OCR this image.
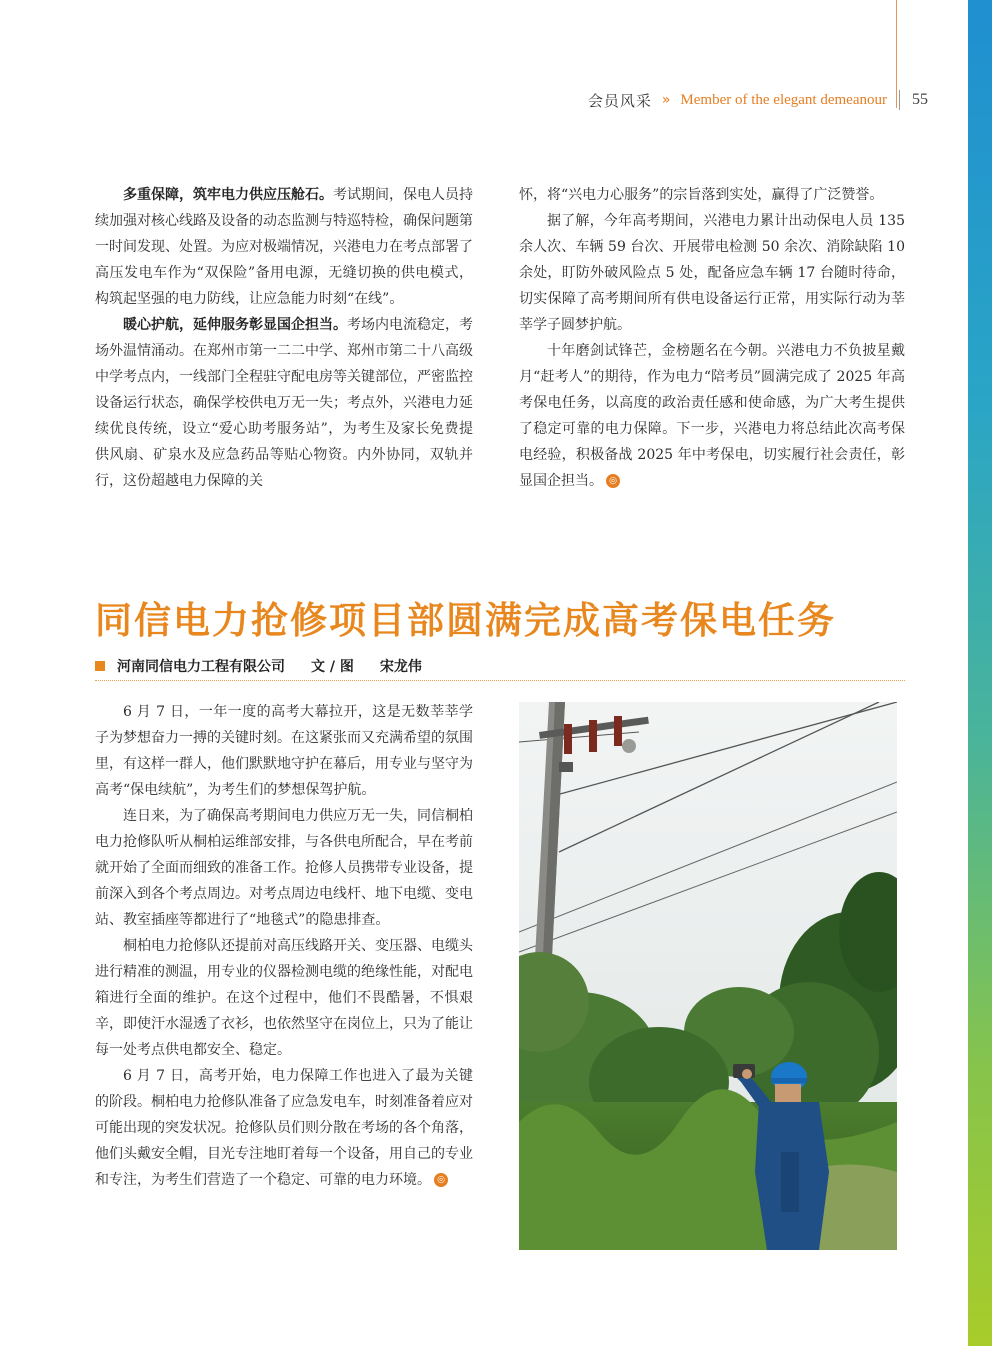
会员风采 » Member of the elegant demeanour 55

多重保障，筑牢电力供应压舱石。考试期间，保电人员持续加强对核心线路及设备的动态监测与特巡特检，确保问题第一时间发现、处置。为应对极端情况，兴港电力在考点部署了高压发电车作为“双保险”备用电源，无缝切换的供电模式，构筑起坚强的电力防线，让应急能力时刻“在线”。

暖心护航，延伸服务彰显国企担当。考场内电流稳定，考场外温情涌动。在郑州市第一二二中学、郑州市第二十八高级中学考点内，一线部门全程驻守配电房等关键部位，严密监控设备运行状态，确保学校供电万无一失；考点外，兴港电力延续优良传统，设立“爱心助考服务站”，为考生及家长免费提供风扇、矿泉水及应急药品等贴心物资。内外协同，双轨并行，这份超越电力保障的关

怀，将“兴电力心服务”的宗旨落到实处，赢得了广泛赞誉。

据了解，今年高考期间，兴港电力累计出动保电人员 135 余人次、车辆 59 台次、开展带电检测 50 余次、消除缺陷 10 余处，盯防外破风险点 5 处，配备应急车辆 17 台随时待命，切实保障了高考期间所有供电设备运行正常，用实际行动为莘莘学子圆梦护航。

十年磨剑试锋芒，金榜题名在今朝。兴港电力不负披星戴月“赶考人”的期待，作为电力“陪考员”圆满完成了 2025 年高考保电任务，以高度的政治责任感和使命感，为广大考生提供了稳定可靠的电力保障。下一步，兴港电力将总结此次高考保电经验，积极备战 2025 年中考保电，切实履行社会责任，彰显国企担当。 ◎

同信电力抢修项目部圆满完成高考保电任务
河南同信电力工程有限公司 文 / 图 宋龙伟

6 月 7 日，一年一度的高考大幕拉开，这是无数莘莘学子为梦想奋力一搏的关键时刻。在这紧张而又充满希望的氛围里，有这样一群人，他们默默地守护在幕后，用专业与坚守为高考“保电续航”，为考生们的梦想保驾护航。

连日来，为了确保高考期间电力供应万无一失，同信桐柏电力抢修队听从桐柏运维部安排，与各供电所配合，早在考前就开始了全面而细致的准备工作。抢修人员携带专业设备，提前深入到各个考点周边。对考点周边电线杆、地下电缆、变电站、教室插座等都进行了“地毯式”的隐患排查。

桐柏电力抢修队还提前对高压线路开关、变压器、电缆头进行精准的测温，用专业的仪器检测电缆的绝缘性能，对配电箱进行全面的维护。在这个过程中，他们不畏酷暑，不惧艰辛，即使汗水湿透了衣衫，也依然坚守在岗位上，只为了能让每一处考点供电都安全、稳定。

6 月 7 日，高考开始，电力保障工作也进入了最为关键的阶段。桐柏电力抢修队准备了应急发电车，时刻准备着应对可能出现的突发状况。抢修队员们则分散在考场的各个角落，他们头戴安全帽，目光专注地盯着每一个设备，用自己的专业和专注，为考生们营造了一个稳定、可靠的电力环境。 ◎
